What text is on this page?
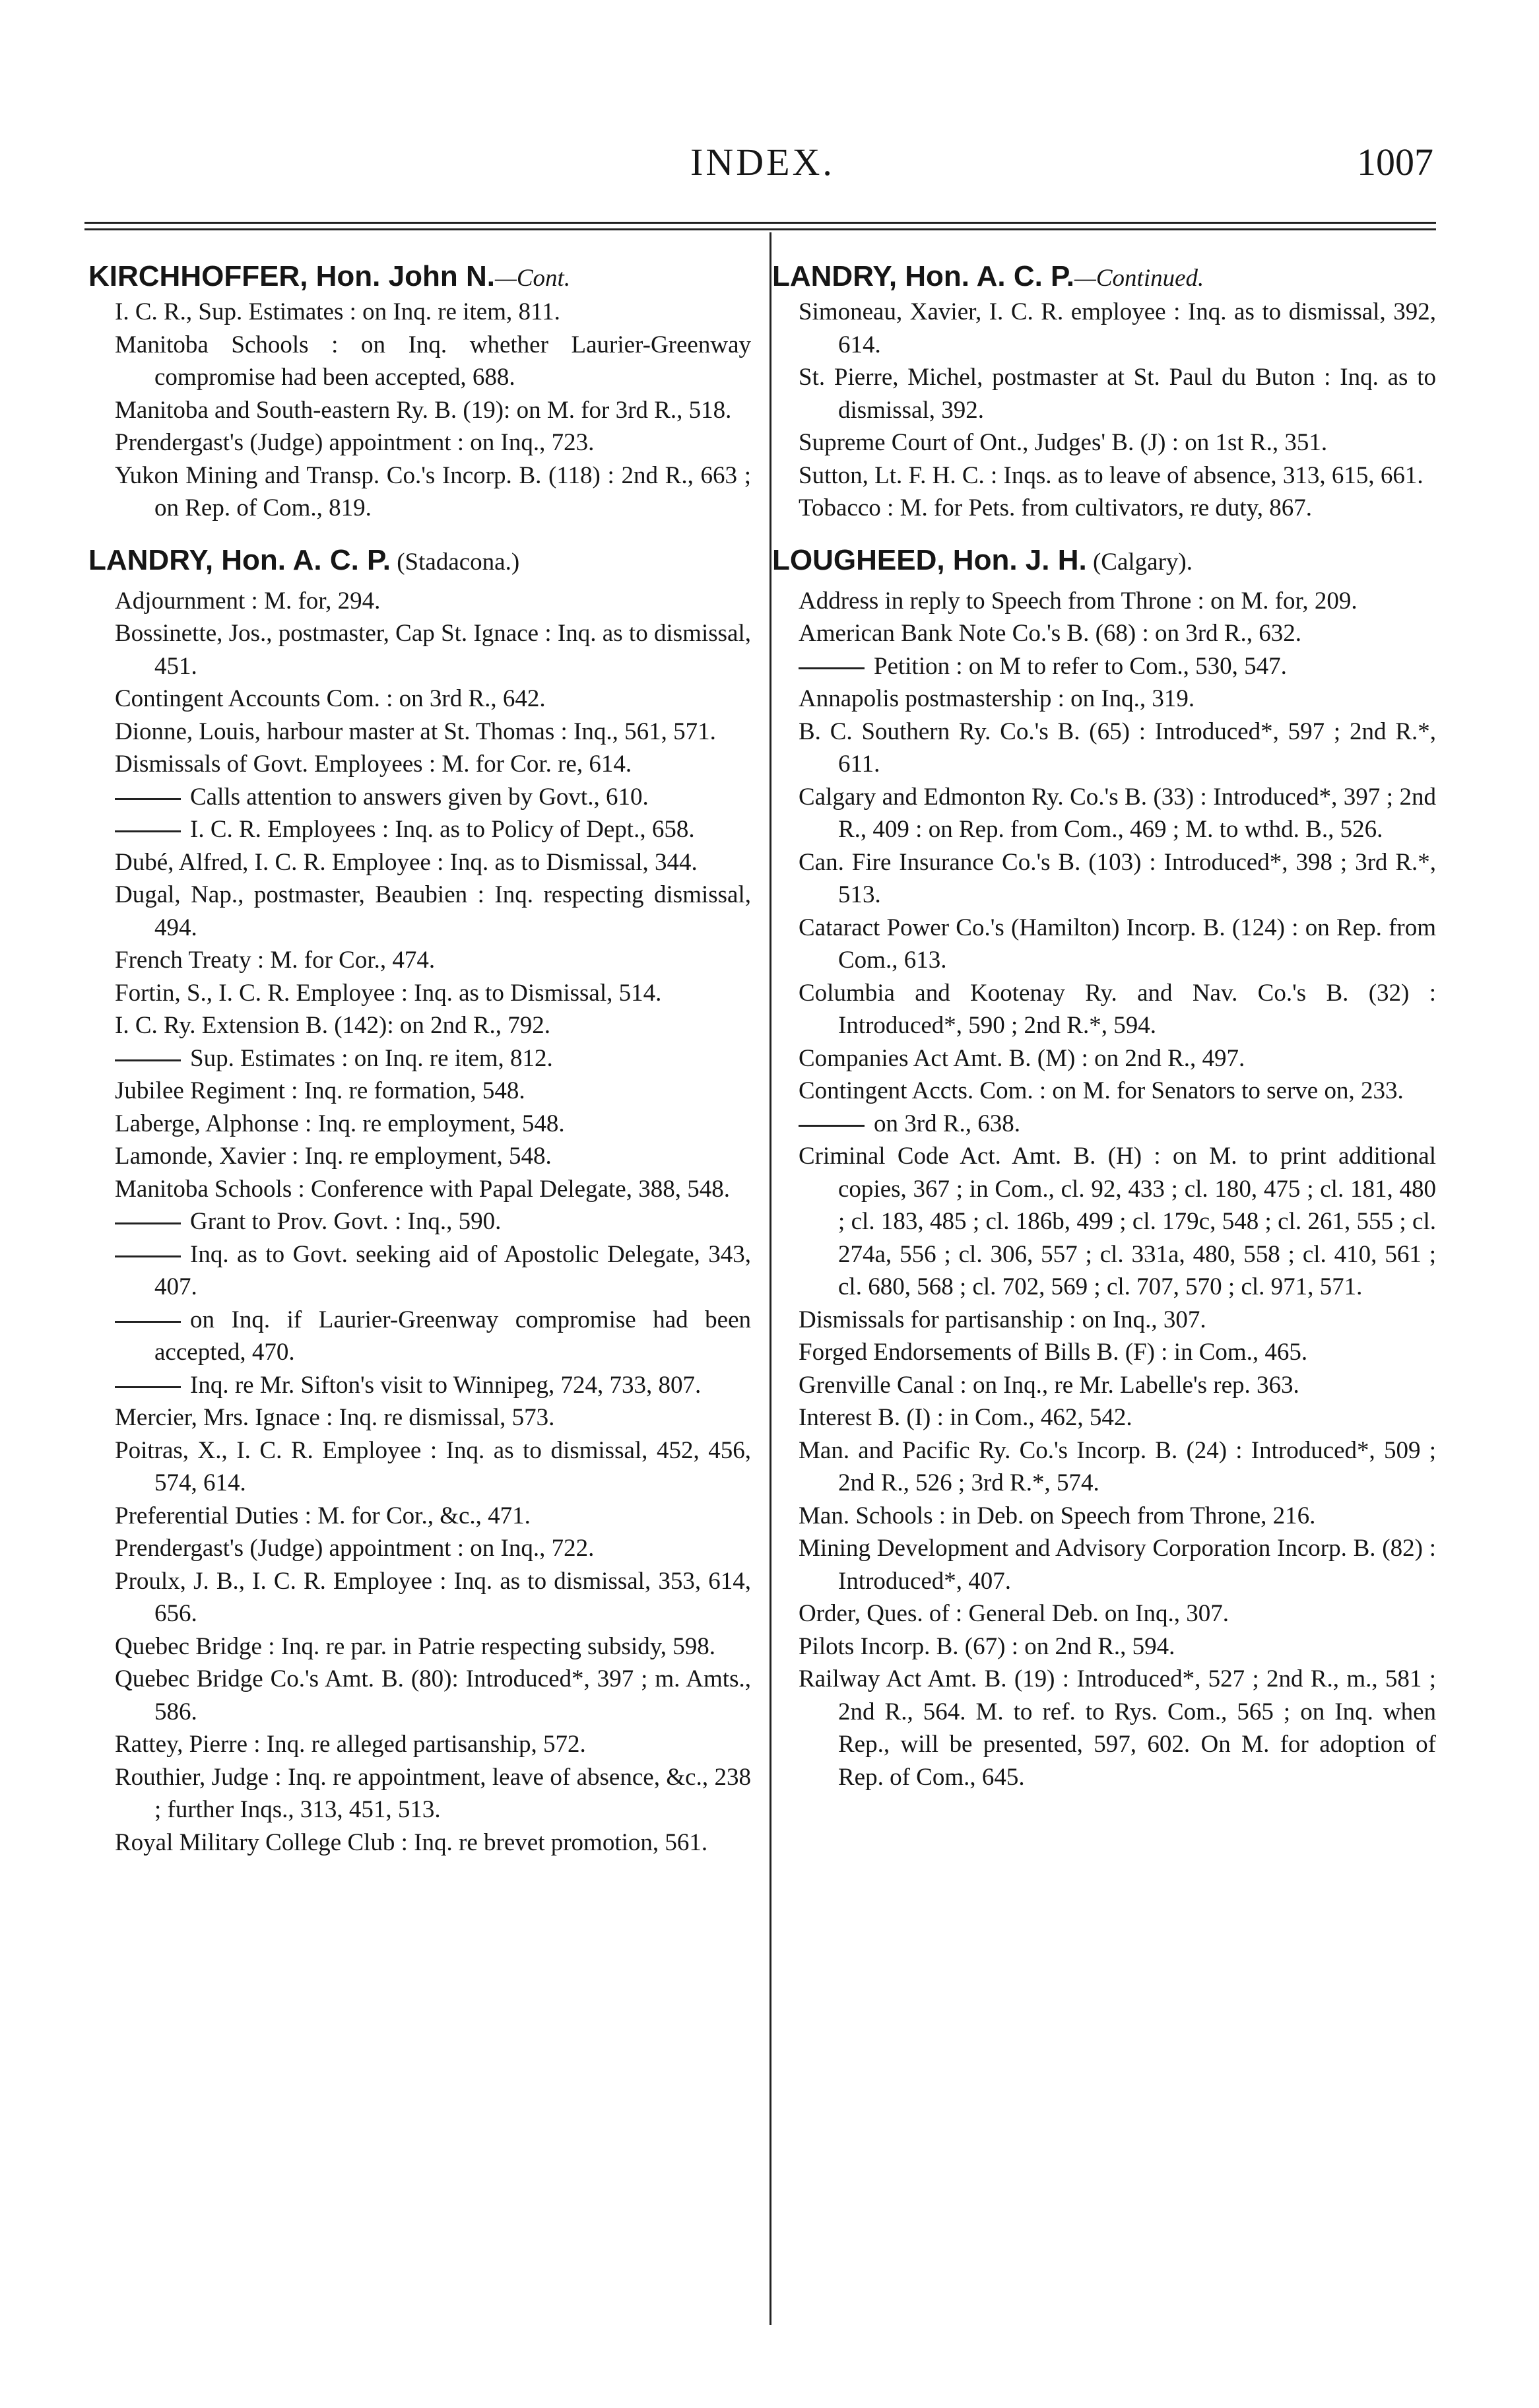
INDEX.	1007
KIRCHHOFFER, Hon. John N.—Cont.
I. C. R., Sup. Estimates : on Inq. re item, 811.
Manitoba Schools : on Inq. whether Laurier-Greenway compromise had been accepted, 688.
Manitoba and South-eastern Ry. B. (19): on M. for 3rd R., 518.
Prendergast's (Judge) appointment : on Inq., 723.
Yukon Mining and Transp. Co.'s Incorp. B. (118) : 2nd R., 663 ; on Rep. of Com., 819.
LANDRY, Hon. A. C. P. (Stadacona.)
Adjournment : M. for, 294.
Bossinette, Jos., postmaster, Cap St. Ignace : Inq. as to dismissal, 451.
Contingent Accounts Com. : on 3rd R., 642.
Dionne, Louis, harbour master at St. Thomas : Inq., 561, 571.
Dismissals of Govt. Employees : M. for Cor. re, 614.
Calls attention to answers given by Govt., 610.
I. C. R. Employees : Inq. as to Policy of Dept., 658.
Dubé, Alfred, I. C. R. Employee : Inq. as to Dismissal, 344.
Dugal, Nap., postmaster, Beaubien : Inq. respecting dismissal, 494.
French Treaty : M. for Cor., 474.
Fortin, S., I. C. R. Employee : Inq. as to Dismissal, 514.
I. C. Ry. Extension B. (142): on 2nd R., 792.
Sup. Estimates : on Inq. re item, 812.
Jubilee Regiment : Inq. re formation, 548.
Laberge, Alphonse : Inq. re employment, 548.
Lamonde, Xavier : Inq. re employment, 548.
Manitoba Schools : Conference with Papal Delegate, 388, 548.
Grant to Prov. Govt. : Inq., 590.
Inq. as to Govt. seeking aid of Apostolic Delegate, 343, 407.
on Inq. if Laurier-Greenway compromise had been accepted, 470.
Inq. re Mr. Sifton's visit to Winnipeg, 724, 733, 807.
Mercier, Mrs. Ignace : Inq. re dismissal, 573.
Poitras, X., I. C. R. Employee : Inq. as to dismissal, 452, 456, 574, 614.
Preferential Duties : M. for Cor., &c., 471.
Prendergast's (Judge) appointment : on Inq., 722.
Proulx, J. B., I. C. R. Employee : Inq. as to dismissal, 353, 614, 656.
Quebec Bridge : Inq. re par. in Patrie respecting subsidy, 598.
Quebec Bridge Co.'s Amt. B. (80): Introduced*, 397 ; m. Amts., 586.
Rattey, Pierre : Inq. re alleged partisanship, 572.
Routhier, Judge : Inq. re appointment, leave of absence, &c., 238 ; further Inqs., 313, 451, 513.
Royal Military College Club : Inq. re brevet promotion, 561.
LANDRY, Hon. A. C. P.—Continued.
Simoneau, Xavier, I. C. R. employee : Inq. as to dismissal, 392, 614.
St. Pierre, Michel, postmaster at St. Paul du Buton : Inq. as to dismissal, 392.
Supreme Court of Ont., Judges' B. (J) : on 1st R., 351.
Sutton, Lt. F. H. C. : Inqs. as to leave of absence, 313, 615, 661.
Tobacco : M. for Pets. from cultivators, re duty, 867.
LOUGHEED, Hon. J. H. (Calgary).
Address in reply to Speech from Throne : on M. for, 209.
American Bank Note Co.'s B. (68) : on 3rd R., 632.
Petition : on M to refer to Com., 530, 547.
Annapolis postmastership : on Inq., 319.
B. C. Southern Ry. Co.'s B. (65) : Introduced*, 597 ; 2nd R.*, 611.
Calgary and Edmonton Ry. Co.'s B. (33) : Introduced*, 397 ; 2nd R., 409 : on Rep. from Com., 469 ; M. to wthd. B., 526.
Can. Fire Insurance Co.'s B. (103) : Introduced*, 398 ; 3rd R.*, 513.
Cataract Power Co.'s (Hamilton) Incorp. B. (124) : on Rep. from Com., 613.
Columbia and Kootenay Ry. and Nav. Co.'s B. (32) : Introduced*, 590 ; 2nd R.*, 594.
Companies Act Amt. B. (M) : on 2nd R., 497.
Contingent Accts. Com. : on M. for Senators to serve on, 233.
on 3rd R., 638.
Criminal Code Act. Amt. B. (H) : on M. to print additional copies, 367 ; in Com., cl. 92, 433 ; cl. 180, 475 ; cl. 181, 480 ; cl. 183, 485 ; cl. 186b, 499 ; cl. 179c, 548 ; cl. 261, 555 ; cl. 274a, 556 ; cl. 306, 557 ; cl. 331a, 480, 558 ; cl. 410, 561 ; cl. 680, 568 ; cl. 702, 569 ; cl. 707, 570 ; cl. 971, 571.
Dismissals for partisanship : on Inq., 307.
Forged Endorsements of Bills B. (F) : in Com., 465.
Grenville Canal : on Inq., re Mr. Labelle's rep. 363.
Interest B. (I) : in Com., 462, 542.
Man. and Pacific Ry. Co.'s Incorp. B. (24) : Introduced*, 509 ; 2nd R., 526 ; 3rd R.*, 574.
Man. Schools : in Deb. on Speech from Throne, 216.
Mining Development and Advisory Corporation Incorp. B. (82) : Introduced*, 407.
Order, Ques. of : General Deb. on Inq., 307.
Pilots Incorp. B. (67) : on 2nd R., 594.
Railway Act Amt. B. (19) : Introduced*, 527 ; 2nd R., m., 581 ; 2nd R., 564. M. to ref. to Rys. Com., 565 ; on Inq. when Rep., will be presented, 597, 602. On M. for adoption of Rep. of Com., 645.
